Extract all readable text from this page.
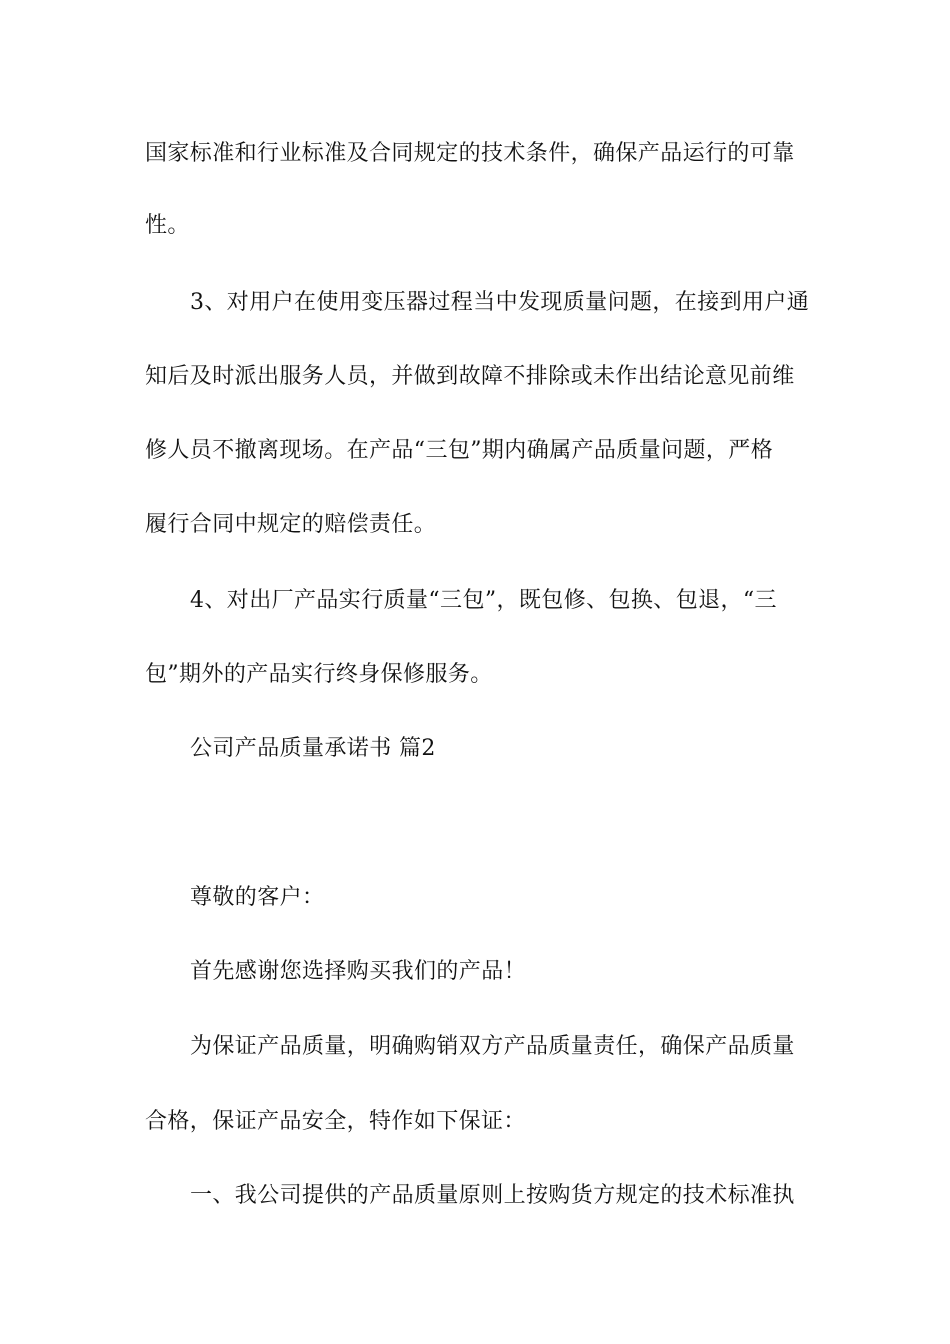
国家标准和行业标准及合同规定的技术条件，确保产品运行的可靠
性。
3、对用户在使用变压器过程当中发现质量问题，在接到用户通
知后及时派出服务人员，并做到故障不排除或未作出结论意见前维
修人员不撤离现场。在产品“三包”期内确属产品质量问题，严格
履行合同中规定的赔偿责任。
4、对出厂产品实行质量“三包”，既包修、包换、包退，“三
包”期外的产品实行终身保修服务。
公司产品质量承诺书 篇2
尊敬的客户：
首先感谢您选择购买我们的产品！
为保证产品质量，明确购销双方产品质量责任，确保产品质量
合格，保证产品安全，特作如下保证：
一、我公司提供的产品质量原则上按购货方规定的技术标准执
